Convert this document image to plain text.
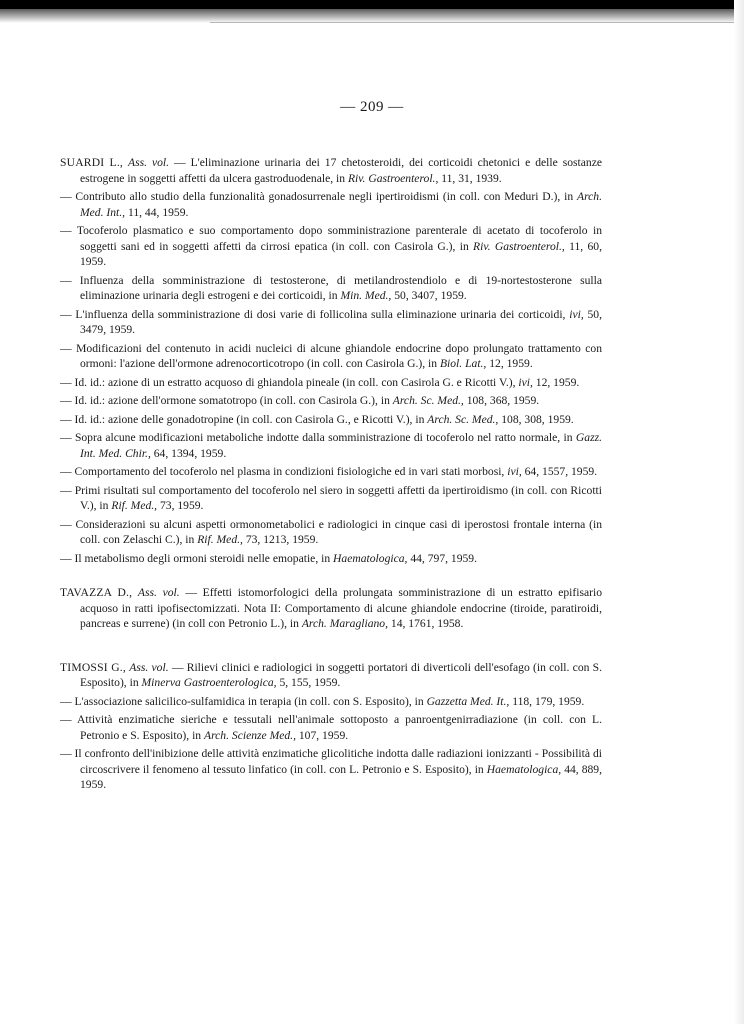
— 209 —

SUARDI L., Ass. vol. — L'eliminazione urinaria dei 17 chetosteroidi, dei corticoidi chetonici e delle sostanze estrogene in soggetti affetti da ulcera gastroduodenale, in Riv. Gastroenterol., 11, 31, 1939.

— Contributo allo studio della funzionalità gonadosurrenale negli ipertiroidismi (in coll. con Meduri D.), in Arch. Med. Int., 11, 44, 1959.

— Tocoferolo plasmatico e suo comportamento dopo somministrazione parenterale di acetato di tocoferolo in soggetti sani ed in soggetti affetti da cirrosi epatica (in coll. con Casirola G.), in Riv. Gastroenterol., 11, 60, 1959.

— Influenza della somministrazione di testosterone, di metilandrostendiolo e di 19-nortestosterone sulla eliminazione urinaria degli estrogeni e dei corticoidi, in Min. Med., 50, 3407, 1959.

— L'influenza della somministrazione di dosi varie di follicolina sulla eliminazione urinaria dei corticoidi, ivi, 50, 3479, 1959.

— Modificazioni del contenuto in acidi nucleici di alcune ghiandole endocrine dopo prolungato trattamento con ormoni: l'azione dell'ormone adrenocorticotropo (in coll. con Casirola G.), in Biol. Lat., 12, 1959.

— Id. id.: azione di un estratto acquoso di ghiandola pineale (in coll. con Casirola G. e Ricotti V.), ivi, 12, 1959.

— Id. id.: azione dell'ormone somatotropo (in coll. con Casirola G.), in Arch. Sc. Med., 108, 368, 1959.

— Id. id.: azione delle gonadotropine (in coll. con Casirola G., e Ricotti V.), in Arch. Sc. Med., 108, 308, 1959.

— Sopra alcune modificazioni metaboliche indotte dalla somministrazione di tocoferolo nel ratto normale, in Gazz. Int. Med. Chir., 64, 1394, 1959.

— Comportamento del tocoferolo nel plasma in condizioni fisiologiche ed in vari stati morbosi, ivi, 64, 1557, 1959.

— Primi risultati sul comportamento del tocoferolo nel siero in soggetti affetti da ipertiroidismo (in coll. con Ricotti V.), in Rif. Med., 73, 1959.

— Considerazioni su alcuni aspetti ormonometabolici e radiologici in cinque casi di iperostosi frontale interna (in coll. con Zelaschi C.), in Rif. Med., 73, 1213, 1959.

— Il metabolismo degli ormoni steroidi nelle emopatie, in Haematologica, 44, 797, 1959.

TAVAZZA D., Ass. vol. — Effetti istomorfologici della prolungata somministrazione di un estratto epifisario acquoso in ratti ipofisectomizzati. Nota II: Comportamento di alcune ghiandole endocrine (tiroide, paratiroidi, pancreas e surrene) (in coll con Petronio L.), in Arch. Maragliano, 14, 1761, 1958.

TIMOSSI G., Ass. vol. — Rilievi clinici e radiologici in soggetti portatori di diverticoli dell'esofago (in coll. con S. Esposito), in Minerva Gastroenterologica, 5, 155, 1959.

— L'associazione salicilico-sulfamidica in terapia (in coll. con S. Esposito), in Gazzetta Med. It., 118, 179, 1959.

— Attività enzimatiche sieriche e tessutali nell'animale sottoposto a panroentgenirradiazione (in coll. con L. Petronio e S. Esposito), in Arch. Scienze Med., 107, 1959.

— Il confronto dell'inibizione delle attività enzimatiche glicolitiche indotta dalle radiazioni ionizzanti - Possibilità di circoscrivere il fenomeno al tessuto linfatico (in coll. con L. Petronio e S. Esposito), in Haematologica, 44, 889, 1959.
